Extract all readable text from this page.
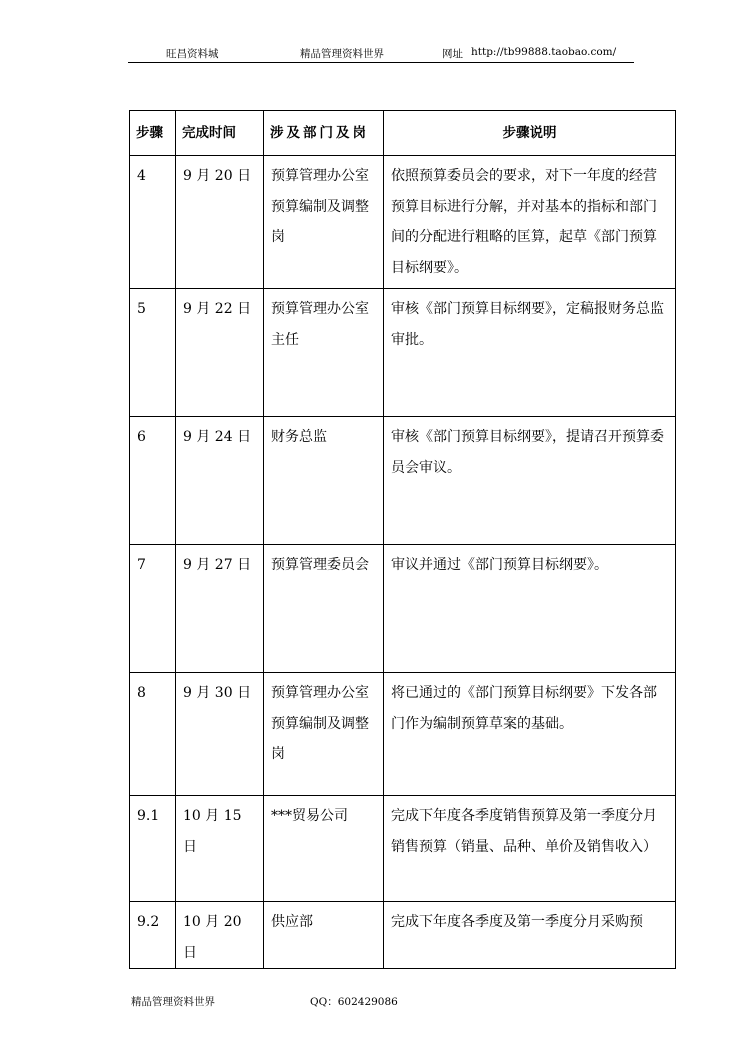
旺昌资料城	精品管理资料世界	网址 http://tb99888.taobao.com/
步骤	完成时间	涉及部门及岗	步骤说明
4	9 月 20 日	预算管理办公室预算编制及调整岗	依照预算委员会的要求，对下一年度的经营预算目标进行分解，并对基本的指标和部门间的分配进行粗略的匡算，起草《部门预算目标纲要》。
5	9 月 22 日	预算管理办公室主任	审核《部门预算目标纲要》，定稿报财务总监审批。
6	9 月 24 日	财务总监	审核《部门预算目标纲要》，提请召开预算委员会审议。
7	9 月 27 日	预算管理委员会	审议并通过《部门预算目标纲要》。
8	9 月 30 日	预算管理办公室预算编制及调整岗	将已通过的《部门预算目标纲要》下发各部门作为编制预算草案的基础。
9.1	10 月 15 日	***贸易公司	完成下年度各季度销售预算及第一季度分月销售预算（销量、品种、单价及销售收入）
9.2	10 月 20 日	供应部	完成下年度各季度及第一季度分月采购预
精品管理资料世界	QQ：602429086
